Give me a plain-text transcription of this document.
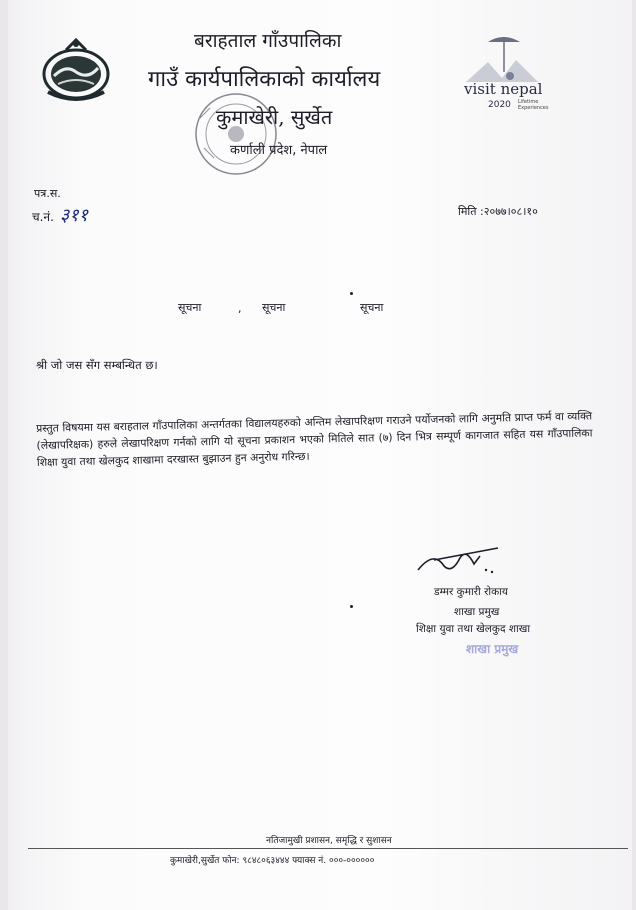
visit nepal
2020 Lifetime Experiences
बराहताल गाँउपालिका
गाउँ कार्यपालिकाको कार्यालय
कुमाखेरी, सुर्खेत
कर्णाली प्रदेश, नेपाल
पत्र.स.
च.नं. ३११	मिति :२०७७।०८।१०
सूचना	, सूचना	सूचना
श्री जो जस सँग सम्बन्धित छ।
प्रस्तुत विषयमा यस बराहताल गाँउपालिका अन्तर्गतका विद्यालयहरुको अन्तिम लेखापरिक्षण गराउने पर्योजनको लागि अनुमति प्राप्त फर्म वा व्यक्ति (लेखापरिक्षक) हरुले लेखापरिक्षण गर्नको लागि यो सूचना प्रकाशन भएको मितिले सात (७) दिन भित्र सम्पूर्ण कागजात सहित यस गाँउपालिका शिक्षा युवा तथा खेलकुद शाखामा दरखास्त बुझाउन हुन अनुरोध गरिन्छ।
डम्मर कुमारी रोकाय
शाखा प्रमुख
शिक्षा युवा तथा खेलकुद शाखा
शाखा प्रमुख
नतिजामुखी प्रशासन, समृद्धि र सुशासन
कुमाखेरी,सुर्खेत फोन: ९८४८०६३४४४ फ्याक्स नं. ०००-००००००
